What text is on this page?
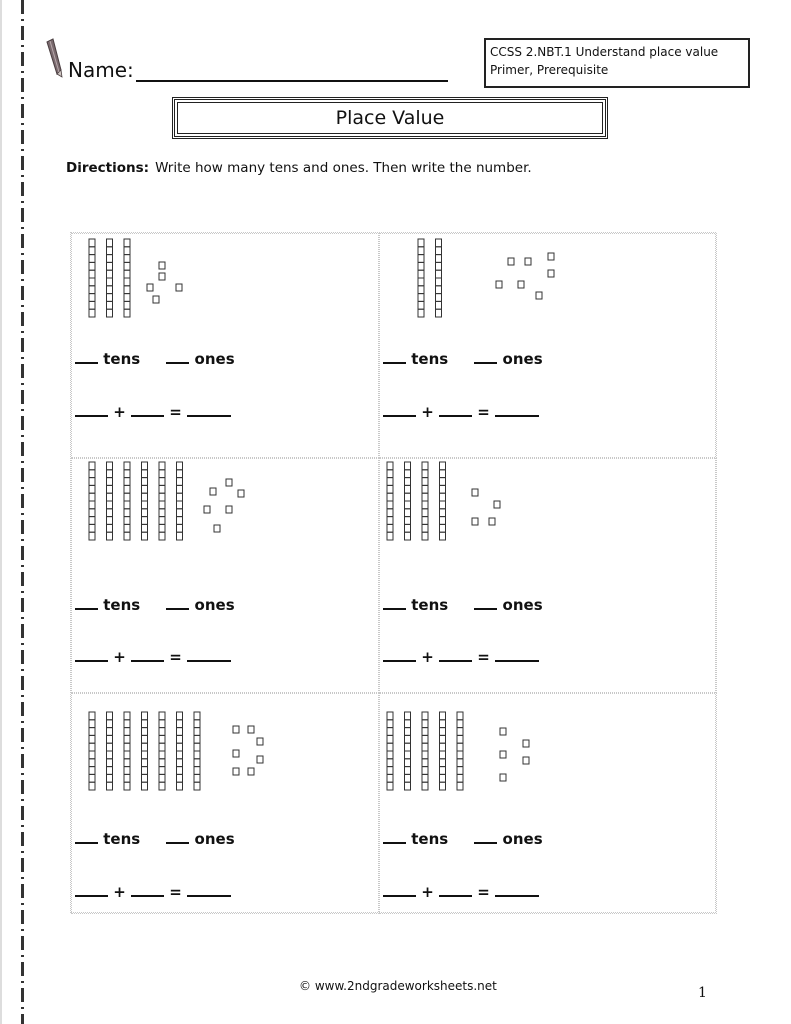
Name:
CCSS 2.NBT.1 Understand place value
Primer, Prerequisite
Place Value
Directions: Write how many tens and ones. Then write the number.
tens	ones
+	=
tens	ones
+	=
tens	ones
+	=
tens	ones
+	=
tens	ones
+	=
tens	ones
+	=
© www.2ndgradeworksheets.net	1
